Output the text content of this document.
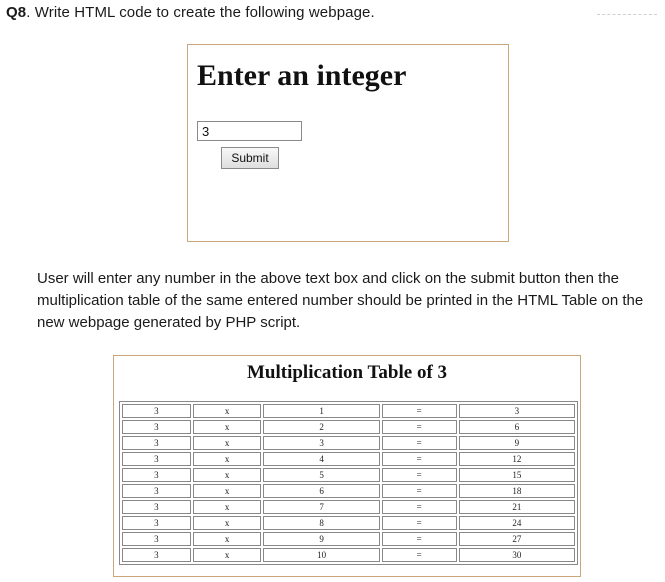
Q8. Write HTML code to create the following webpage.
Enter an integer
3
Submit

User will enter any number in the above text box and click on the submit button then the multiplication table of the same entered number should be printed in the HTML Table on the new webpage generated by PHP script.

Multiplication Table of 3
3	x	1	=	3
3	x	2	=	6
3	x	3	=	9
3	x	4	=	12
3	x	5	=	15
3	x	6	=	18
3	x	7	=	21
3	x	8	=	24
3	x	9	=	27
3	x	10	=	30
